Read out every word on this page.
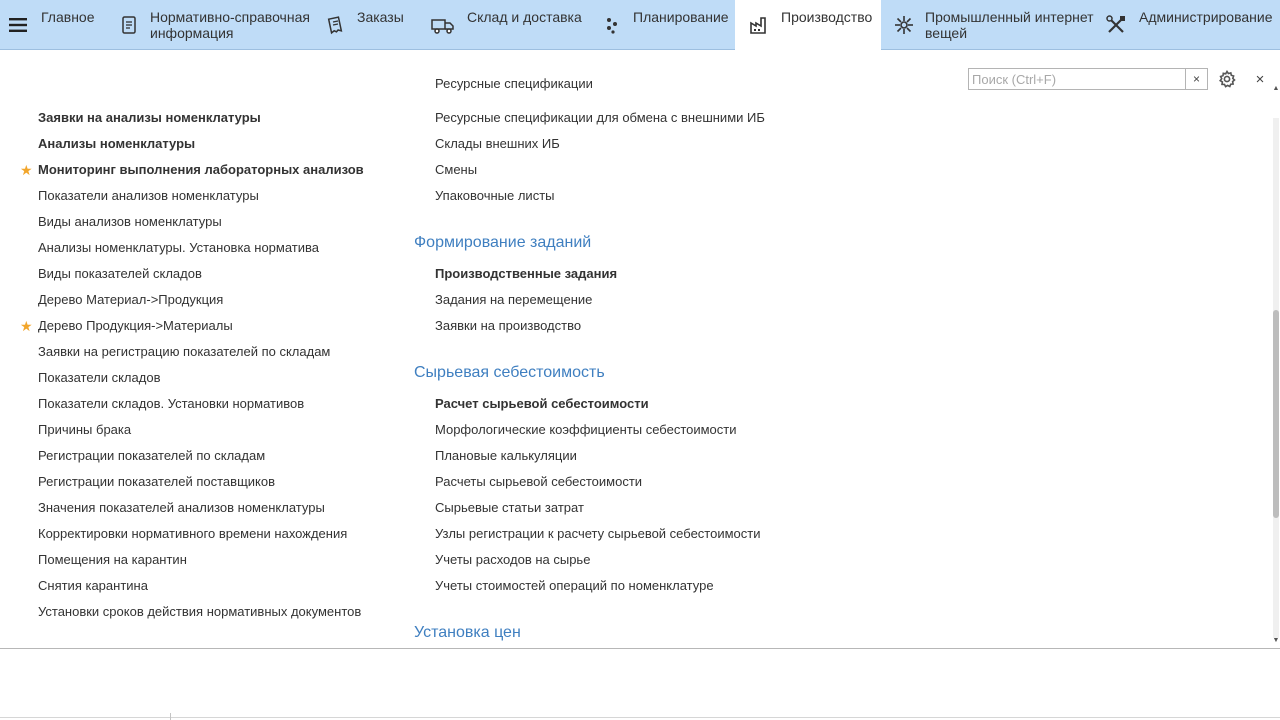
Главное	Нормативно-справочная
информация
Заказы	Склад и доставка	Планирование	Производство	Промышленный интернет
вещей
Администрирование
Поиск (Ctrl+F)
×	×
Заявки на анализы номенклатуры
Анализы номенклатуры
★ Мониторинг выполнения лабораторных анализов
Показатели анализов номенклатуры
Виды анализов номенклатуры
Анализы номенклатуры. Установка норматива
Виды показателей складов
Дерево Материал->Продукция
★ Дерево Продукция->Материалы
Заявки на регистрацию показателей по складам
Показатели складов
Показатели складов. Установки нормативов
Причины брака
Регистрации показателей по складам
Регистрации показателей поставщиков
Значения показателей анализов номенклатуры
Корректировки нормативного времени нахождения
Помещения на карантин
Снятия карантина
Установки сроков действия нормативных документов
Ресурсные спецификации
Ресурсные спецификации для обмена с внешними ИБ
Склады внешних ИБ
Смены
Упаковочные листы
Формирование заданий
Производственные задания
Задания на перемещение
Заявки на производство
Сырьевая себестоимость
Расчет сырьевой себестоимости
Морфологические коэффициенты себестоимости
Плановые калькуляции
Расчеты сырьевой себестоимости
Сырьевые статьи затрат
Узлы регистрации к расчету сырьевой себестоимости
Учеты расходов на сырье
Учеты стоимостей операций по номенклатуре
Установка цен
▲
▼
